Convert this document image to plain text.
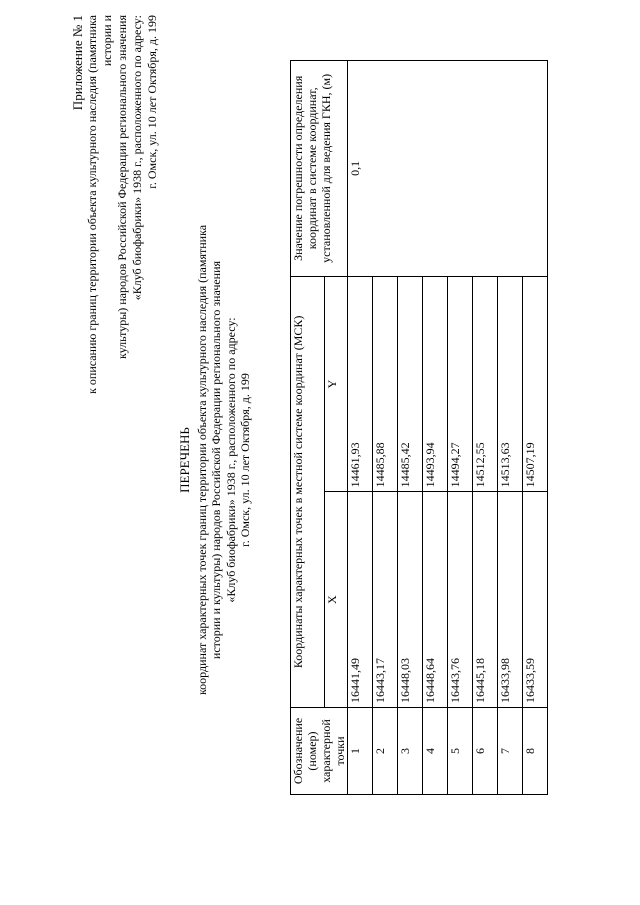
Приложение № 1 к описанию границ территории объекта культурного наследия (памятника истории и культуры) народов Российской Федерации регионального значения «Клуб биофабрики» 1938 г., расположенного по адресу: г. Омск, ул. 10 лет Октября, д. 199
ПЕРЕЧЕНЬ координат характерных точек границ территории объекта культурного наследия (памятника истории и культуры) народов Российской Федерации регионального значения «Клуб биофабрики» 1938 г., расположенного по адресу: г. Омск, ул. 10 лет Октября, д. 199
Обозначение (номер) характерной точки	Координаты характерных точек в местной системе координат (МСК)		Значение погрешности определения координат в системе координат, установленной для ведения ГКН, (м)
	X	Y	
1	16441,49	14461,93	0,1
2	16443,17	14485,88	
3	16448,03	14485,42	
4	16448,64	14493,94	
5	16443,76	14494,27	
6	16445,18	14512,55	
7	16433,98	14513,63	
8	16433,59	14507,19	
